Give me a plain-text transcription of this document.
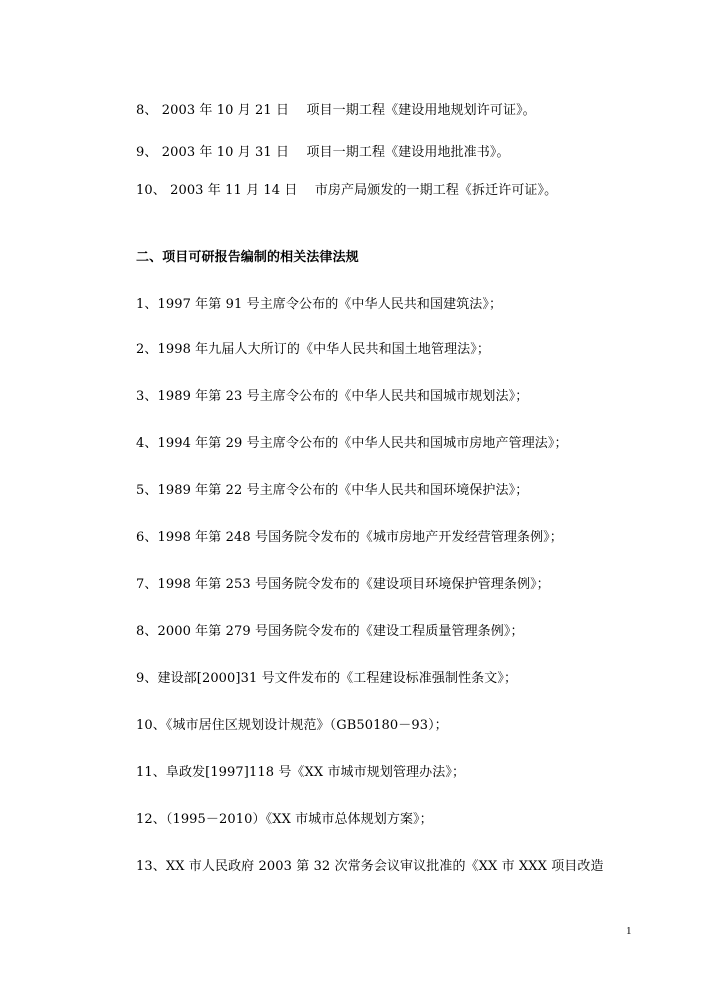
8、 2003 年 10 月 21 日 　项目一期工程《建设用地规划许可证》。
9、 2003 年 10 月 31 日 　项目一期工程《建设用地批准书》。
10、 2003 年 11 月 14 日　 市房产局颁发的一期工程《拆迁许可证》。
二、项目可研报告编制的相关法律法规
1、1997 年第 91 号主席令公布的《中华人民共和国建筑法》；
2、1998 年九届人大所订的《中华人民共和国土地管理法》；
3、1989 年第 23 号主席令公布的《中华人民共和国城市规划法》；
4、1994 年第 29 号主席令公布的《中华人民共和国城市房地产管理法》；
5、1989 年第 22 号主席令公布的《中华人民共和国环境保护法》；
6、1998 年第 248 号国务院令发布的《城市房地产开发经营管理条例》；
7、1998 年第 253 号国务院令发布的《建设项目环境保护管理条例》；
8、2000 年第 279 号国务院令发布的《建设工程质量管理条例》；
9、建设部[2000]31 号文件发布的《工程建设标准强制性条文》；
10、《城市居住区规划设计规范》（GB50180－93）；
11、阜政发[1997]118 号《XX 市城市规划管理办法》；
12、（1995－2010）《XX 市城市总体规划方案》；
13、XX 市人民政府 2003 第 32 次常务会议审议批准的《XX 市 XXX 项目改造
1
